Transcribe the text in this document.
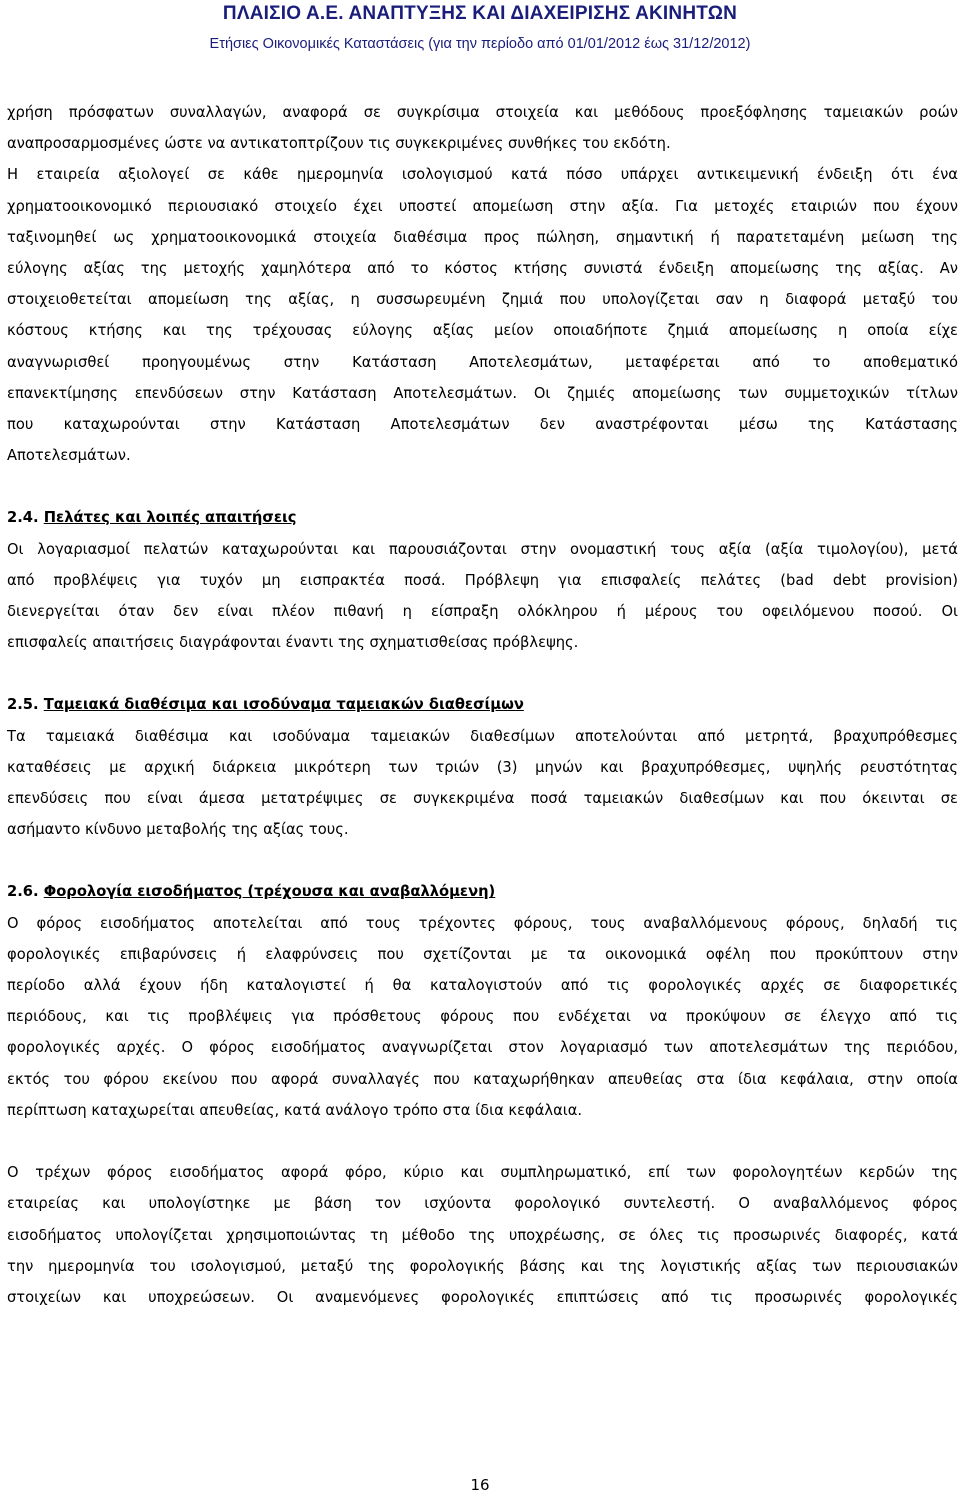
ΠΛΑΙΣΙΟ Α.Ε. ΑΝΑΠΤΥΞΗΣ ΚΑΙ ΔΙΑΧΕΙΡΙΣΗΣ ΑΚΙΝΗΤΩΝ
Ετήσιες Οικονομικές Καταστάσεις (για την περίοδο από 01/01/2012 έως 31/12/2012)
χρήση πρόσφατων συναλλαγών, αναφορά σε συγκρίσιμα στοιχεία και μεθόδους προεξόφλησης ταμειακών ροών
αναπροσαρμοσμένες ώστε να αντικατοπτρίζουν τις συγκεκριμένες συνθήκες του εκδότη.
Η εταιρεία αξιολογεί σε κάθε ημερομηνία ισολογισμού κατά πόσο υπάρχει αντικειμενική ένδειξη ότι ένα
χρηματοοικονομικό περιουσιακό στοιχείο έχει υποστεί απομείωση στην αξία. Για μετοχές εταιριών που έχουν
ταξινομηθεί ως χρηματοοικονομικά στοιχεία διαθέσιμα προς πώληση, σημαντική ή παρατεταμένη μείωση της
εύλογης αξίας της μετοχής χαμηλότερα από το κόστος κτήσης συνιστά ένδειξη απομείωσης της αξίας. Αν
στοιχειοθετείται απομείωση της αξίας, η συσσωρευμένη ζημιά που υπολογίζεται σαν η διαφορά μεταξύ του
κόστους κτήσης και της τρέχουσας εύλογης αξίας μείον οποιαδήποτε ζημιά απομείωσης η οποία είχε
αναγνωρισθεί προηγουμένως στην Κατάσταση Αποτελεσμάτων, μεταφέρεται από το αποθεματικό
επανεκτίμησης επενδύσεων στην Κατάσταση Αποτελεσμάτων. Οι ζημιές απομείωσης των συμμετοχικών τίτλων
που καταχωρούνται στην Κατάσταση Αποτελεσμάτων δεν αναστρέφονται μέσω της Κατάστασης
Αποτελεσμάτων.
2.4. Πελάτες και λοιπές απαιτήσεις
Οι λογαριασμοί πελατών καταχωρούνται και παρουσιάζονται στην ονομαστική τους αξία (αξία τιμολογίου), μετά
από προβλέψεις για τυχόν μη εισπρακτέα ποσά. Πρόβλεψη για επισφαλείς πελάτες (bad debt provision)
διενεργείται όταν δεν είναι πλέον πιθανή η είσπραξη ολόκληρου ή μέρους του οφειλόμενου ποσού. Οι
επισφαλείς απαιτήσεις διαγράφονται έναντι της σχηματισθείσας πρόβλεψης.
2.5. Ταμειακά διαθέσιμα και ισοδύναμα ταμειακών διαθεσίμων
Τα ταμειακά διαθέσιμα και ισοδύναμα ταμειακών διαθεσίμων αποτελούνται από μετρητά, βραχυπρόθεσμες
καταθέσεις με αρχική διάρκεια μικρότερη των τριών (3) μηνών και βραχυπρόθεσμες, υψηλής ρευστότητας
επενδύσεις που είναι άμεσα μετατρέψιμες σε συγκεκριμένα ποσά ταμειακών διαθεσίμων και που όκεινται σε
ασήμαντο κίνδυνο μεταβολής της αξίας τους.
2.6. Φορολογία εισοδήματος (τρέχουσα και αναβαλλόμενη)
Ο φόρος εισοδήματος αποτελείται από τους τρέχοντες φόρους, τους αναβαλλόμενους φόρους, δηλαδή τις
φορολογικές επιβαρύνσεις ή ελαφρύνσεις που σχετίζονται με τα οικονομικά οφέλη που προκύπτουν στην
περίοδο αλλά έχουν ήδη καταλογιστεί ή θα καταλογιστούν από τις φορολογικές αρχές σε διαφορετικές
περιόδους, και τις προβλέψεις για πρόσθετους φόρους που ενδέχεται να προκύψουν σε έλεγχο από τις
φορολογικές αρχές. Ο φόρος εισοδήματος αναγνωρίζεται στον λογαριασμό των αποτελεσμάτων της περιόδου,
εκτός του φόρου εκείνου που αφορά συναλλαγές που καταχωρήθηκαν απευθείας στα ίδια κεφάλαια, στην οποία
περίπτωση καταχωρείται απευθείας, κατά ανάλογο τρόπο στα ίδια κεφάλαια.
Ο τρέχων φόρος εισοδήματος αφορά φόρο, κύριο και συμπληρωματικό, επί των φορολογητέων κερδών της
εταιρείας και υπολογίστηκε με βάση τον ισχύοντα φορολογικό συντελεστή. Ο αναβαλλόμενος φόρος
εισοδήματος υπολογίζεται χρησιμοποιώντας τη μέθοδο της υποχρέωσης, σε όλες τις προσωρινές διαφορές, κατά
την ημερομηνία του ισολογισμού, μεταξύ της φορολογικής βάσης και της λογιστικής αξίας των περιουσιακών
στοιχείων και υποχρεώσεων. Οι αναμενόμενες φορολογικές επιπτώσεις από τις προσωρινές φορολογικές
16
